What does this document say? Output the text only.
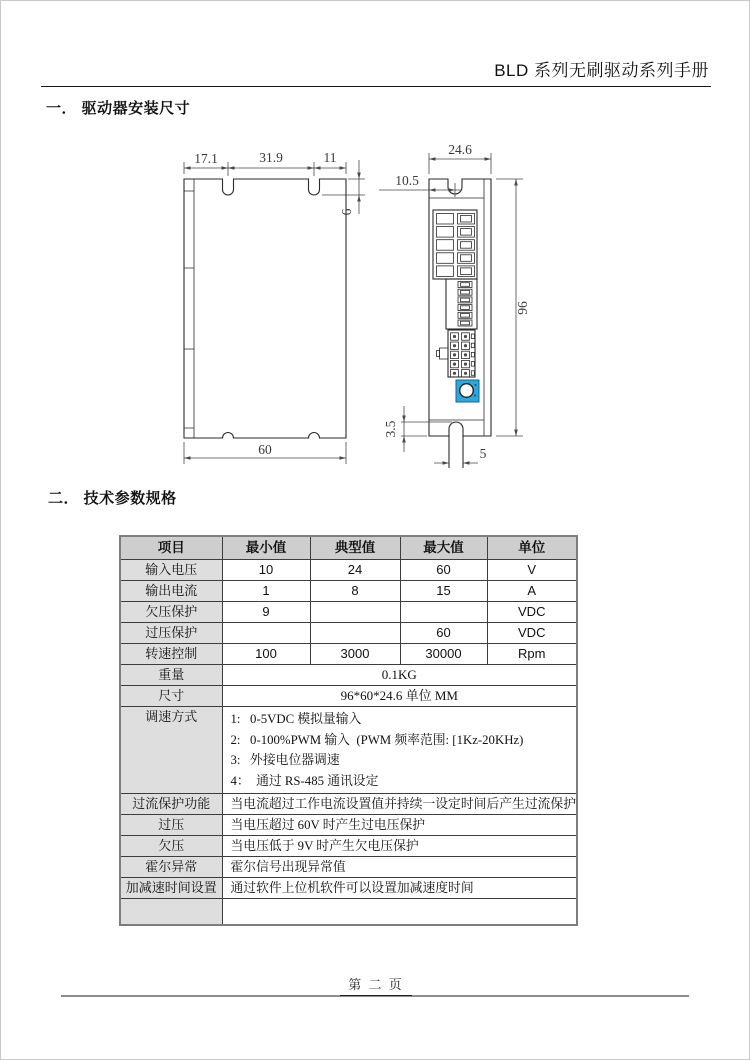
BLD 系列无刷驱动系列手册
一． 驱动器安装尺寸
17.1	31.9	11
6
60
24.6
10.5
96
3.5
5
二． 技术参数规格
项目	最小值	典型值	最大值	单位
输入电压	10	24	60	V
输出电流	1	8	15	A
欠压保护	9			VDC
过压保护			60	VDC
转速控制	100	3000	30000	Rpm
重量	0.1KG			
尺寸	96*60*24.6 单位 MM			
调速方式	1:   0-5VDC 模拟量输入
2:   0-100%PWM 输入  (PWM 频率范围: [1Kz-20KHz)
3:   外接电位器调速
4：  通过 RS-485 通讯设定			

过流保护功能	当电流超过工作电流设置值并持续一设定时间后产生过流保护			
过压	当电压超过 60V 时产生过电压保护			
欠压	当电压低于 9V 时产生欠电压保护			
霍尔异常	霍尔信号出现异常值			
加减速时间设置	通过软件上位机软件可以设置加减速度时间			

第 二 页
